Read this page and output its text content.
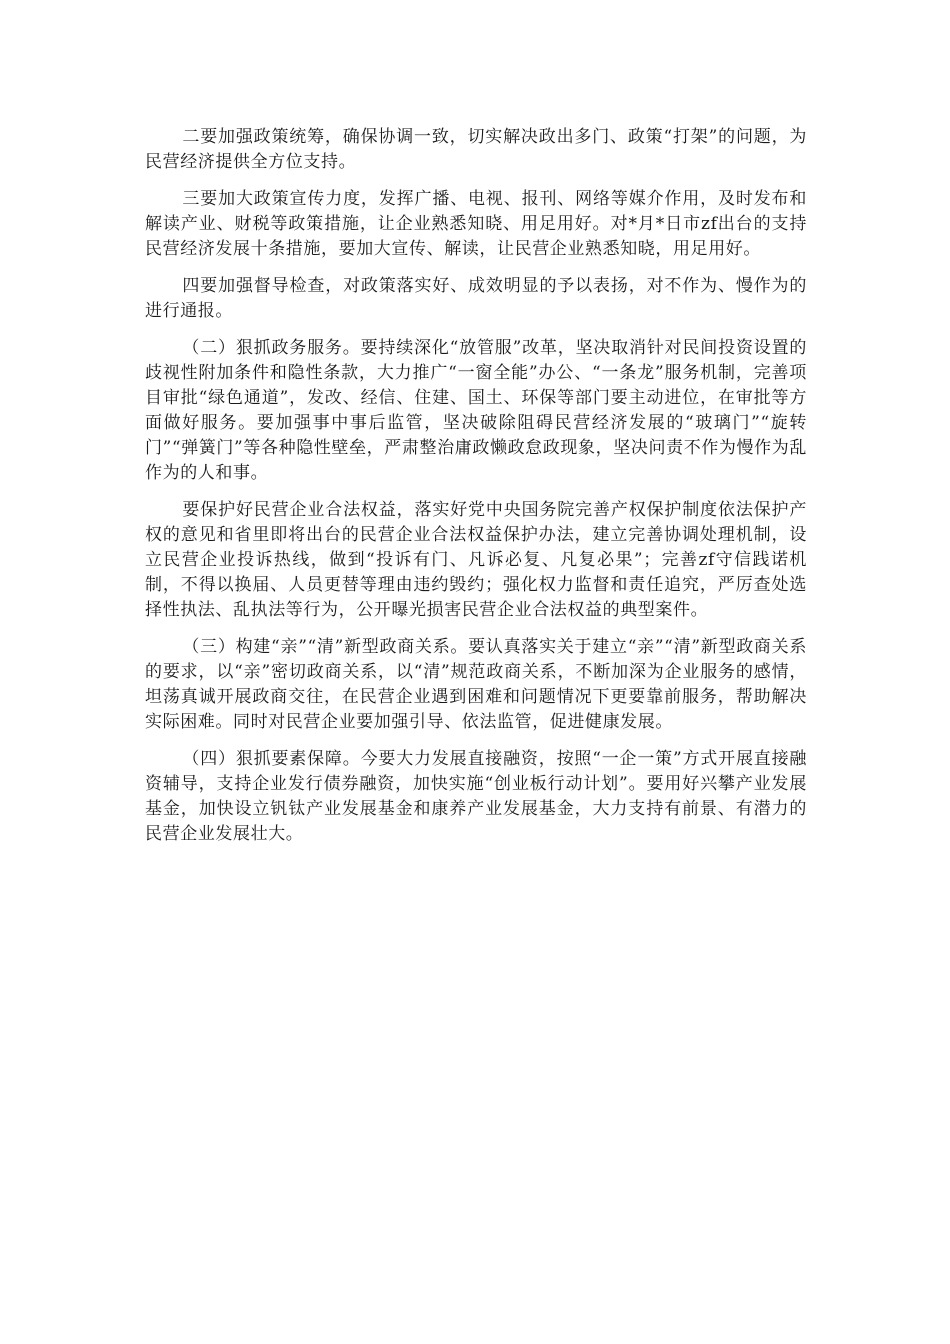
二要加强政策统筹，确保协调一致，切实解决政出多门、政策“打架”的问题，为民营经济提供全方位支持。

三要加大政策宣传力度，发挥广播、电视、报刊、网络等媒介作用，及时发布和解读产业、财税等政策措施，让企业熟悉知晓、用足用好。对*月*日市zf出台的支持民营经济发展十条措施，要加大宣传、解读，让民营企业熟悉知晓，用足用好。

四要加强督导检查，对政策落实好、成效明显的予以表扬，对不作为、慢作为的进行通报。

（二）狠抓政务服务。要持续深化“放管服”改革，坚决取消针对民间投资设置的歧视性附加条件和隐性条款，大力推广“一窗全能”办公、“一条龙”服务机制，完善项目审批“绿色通道”，发改、经信、住建、国土、环保等部门要主动进位，在审批等方面做好服务。要加强事中事后监管，坚决破除阻碍民营经济发展的“玻璃门”“旋转门”“弹簧门”等各种隐性壁垒，严肃整治庸政懒政怠政现象，坚决问责不作为慢作为乱作为的人和事。

要保护好民营企业合法权益，落实好党中央国务院完善产权保护制度依法保护产权的意见和省里即将出台的民营企业合法权益保护办法，建立完善协调处理机制，设立民营企业投诉热线，做到“投诉有门、凡诉必复、凡复必果”；完善zf守信践诺机制，不得以换届、人员更替等理由违约毁约；强化权力监督和责任追究，严厉查处选择性执法、乱执法等行为，公开曝光损害民营企业合法权益的典型案件。

（三）构建“亲”“清”新型政商关系。要认真落实关于建立“亲”“清”新型政商关系的要求，以“亲”密切政商关系，以“清”规范政商关系，不断加深为企业服务的感情，坦荡真诚开展政商交往，在民营企业遇到困难和问题情况下更要靠前服务，帮助解决实际困难。同时对民营企业要加强引导、依法监管，促进健康发展。

（四）狠抓要素保障。今要大力发展直接融资，按照“一企一策”方式开展直接融资辅导，支持企业发行债券融资，加快实施“创业板行动计划”。要用好兴攀产业发展基金，加快设立钒钛产业发展基金和康养产业发展基金，大力支持有前景、有潜力的民营企业发展壮大。
